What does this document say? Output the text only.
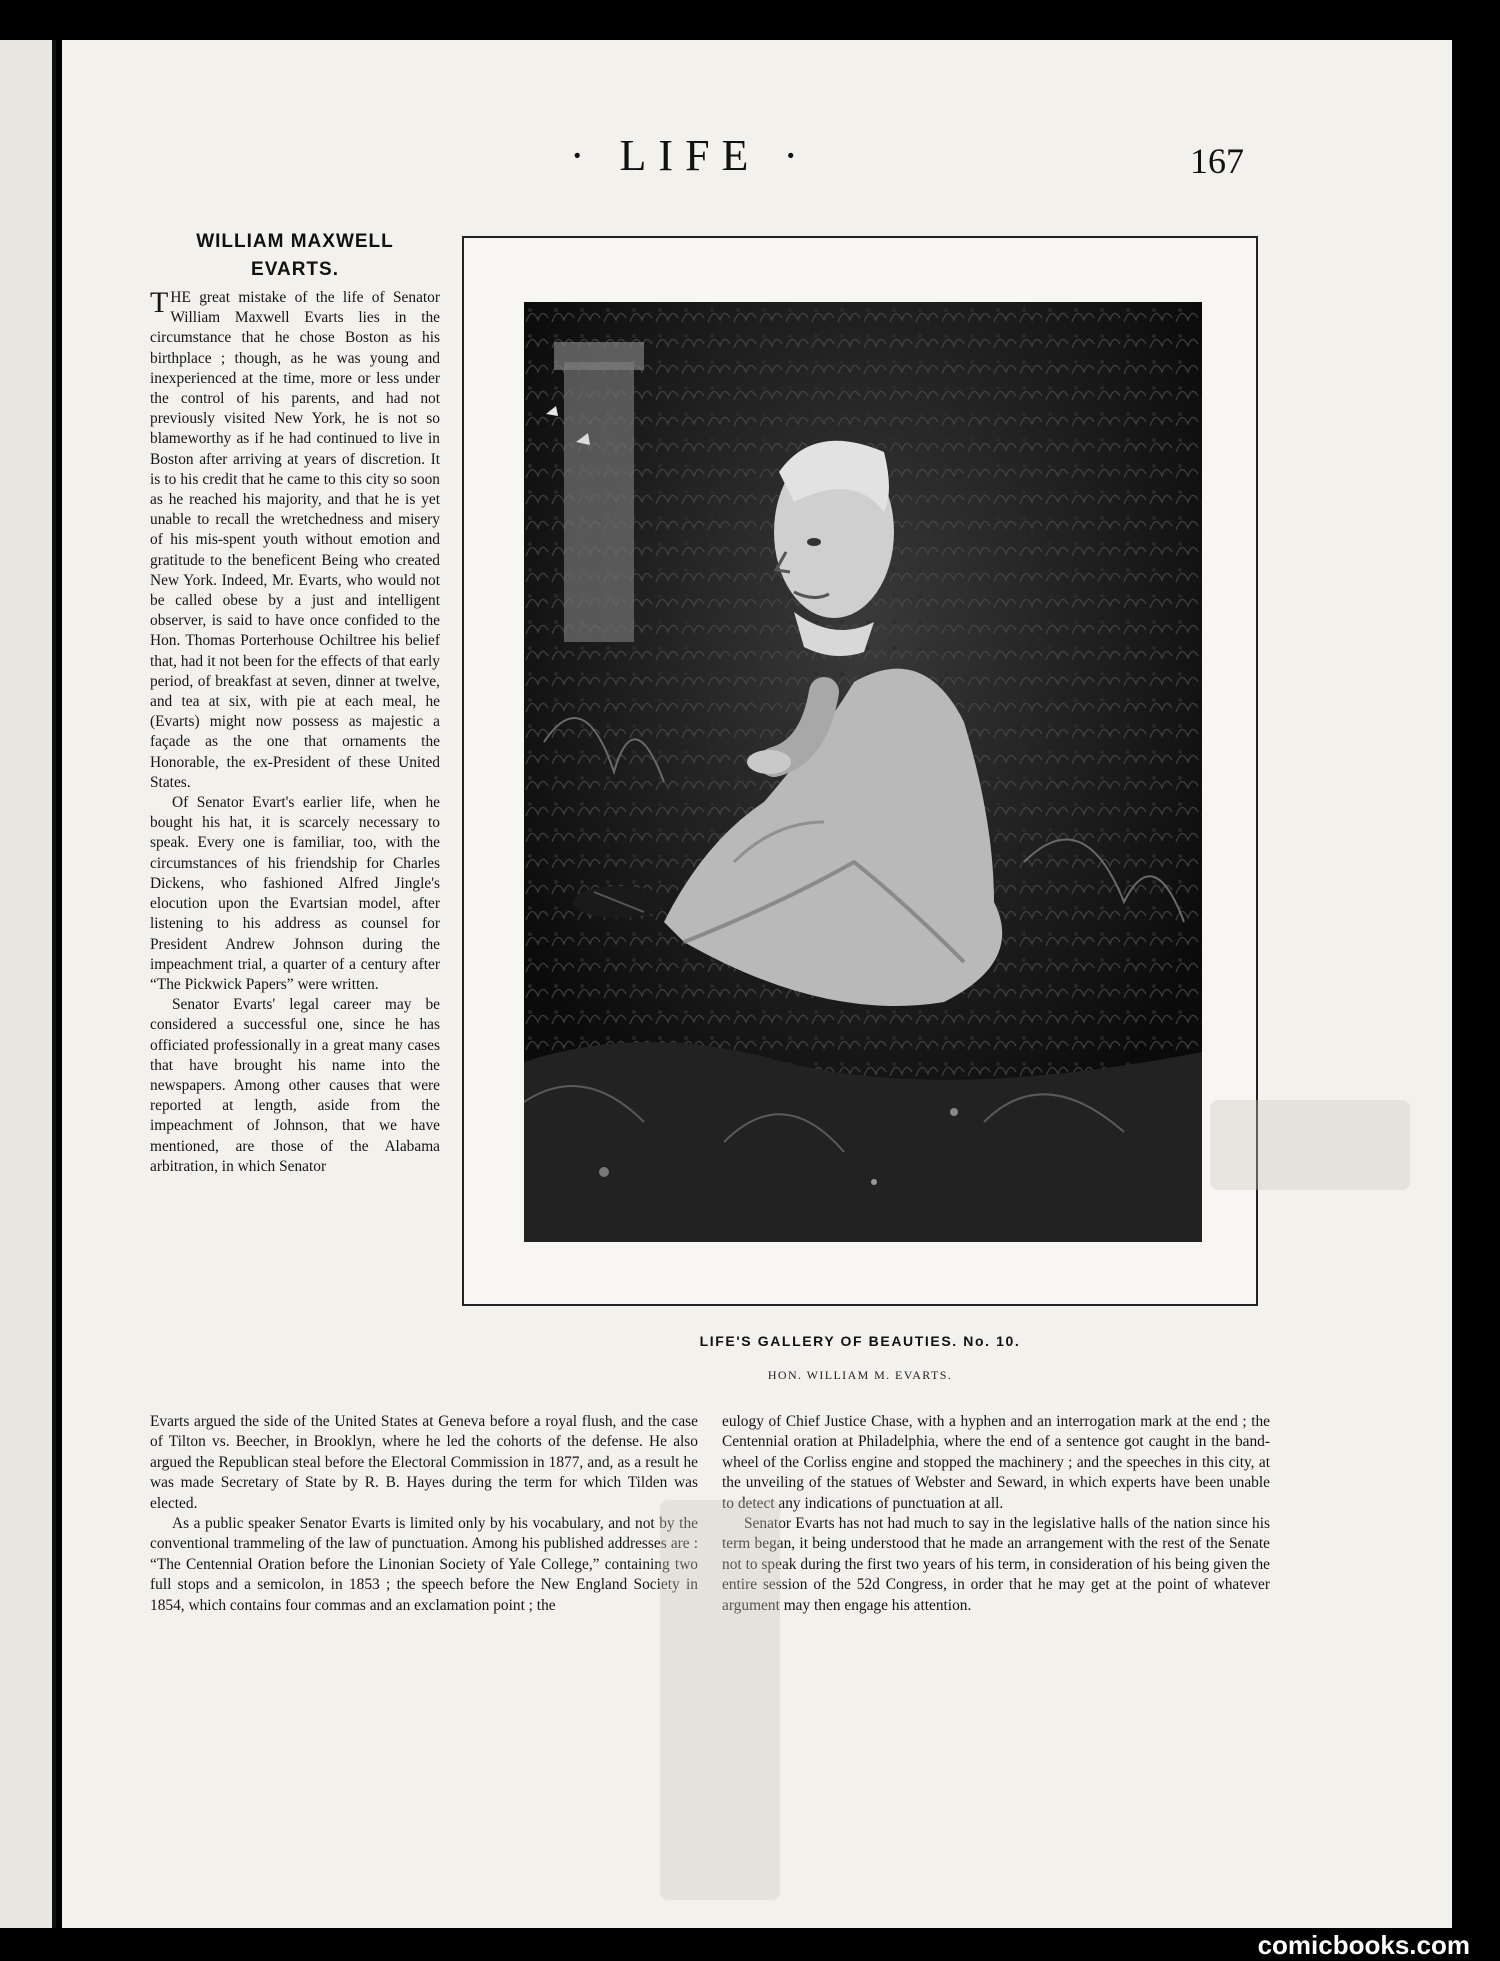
· LIFE ·	167
WILLIAM MAXWELL EVARTS.

THE great mistake of the life of Senator William Maxwell Evarts lies in the circumstance that he chose Boston as his birthplace ; though, as he was young and inexperienced at the time, more or less under the control of his parents, and had not previously visited New York, he is not so blameworthy as if he had continued to live in Boston after arriving at years of discretion. It is to his credit that he came to this city so soon as he reached his majority, and that he is yet unable to recall the wretchedness and misery of his mis-spent youth without emotion and gratitude to the beneficent Being who created New York. Indeed, Mr. Evarts, who would not be called obese by a just and intelligent observer, is said to have once confided to the Hon. Thomas Porterhouse Ochiltree his belief that, had it not been for the effects of that early period, of breakfast at seven, dinner at twelve, and tea at six, with pie at each meal, he (Evarts) might now possess as majestic a façade as the one that ornaments the Honorable, the ex-President of these United States.

Of Senator Evart's earlier life, when he bought his hat, it is scarcely necessary to speak. Every one is familiar, too, with the circumstances of his friendship for Charles Dickens, who fashioned Alfred Jingle's elocution upon the Evartsian model, after listening to his address as counsel for President Andrew Johnson during the impeachment trial, a quarter of a century after “The Pickwick Papers” were written.

Senator Evarts' legal career may be considered a successful one, since he has officiated professionally in a great many cases that have brought his name into the newspapers. Among other causes that were reported at length, aside from the impeachment of Johnson, that we have mentioned, are those of the Alabama arbitration, in which Senator

LIFE'S GALLERY OF BEAUTIES. No. 10.
HON. WILLIAM M. EVARTS.

Evarts argued the side of the United States at Geneva before a royal flush, and the case of Tilton vs. Beecher, in Brooklyn, where he led the cohorts of the defense. He also argued the Republican steal before the Electoral Commission in 1877, and, as a result he was made Secretary of State by R. B. Hayes during the term for which Tilden was elected.

As a public speaker Senator Evarts is limited only by his vocabulary, and not by the conventional trammeling of the law of punctuation. Among his published addresses are : “The Centennial Oration before the Linonian Society of Yale College,” containing two full stops and a semicolon, in 1853 ; the speech before the New England Society in 1854, which contains four commas and an exclamation point ; the

eulogy of Chief Justice Chase, with a hyphen and an interrogation mark at the end ; the Centennial oration at Philadelphia, where the end of a sentence got caught in the band-wheel of the Corliss engine and stopped the machinery ; and the speeches in this city, at the unveiling of the statues of Webster and Seward, in which experts have been unable to detect any indications of punctuation at all.

Senator Evarts has not had much to say in the legislative halls of the nation since his term began, it being understood that he made an arrangement with the rest of the Senate not to speak during the first two years of his term, in consideration of his being given the entire session of the 52d Congress, in order that he may get at the point of whatever argument may then engage his attention.

comicbooks.com
